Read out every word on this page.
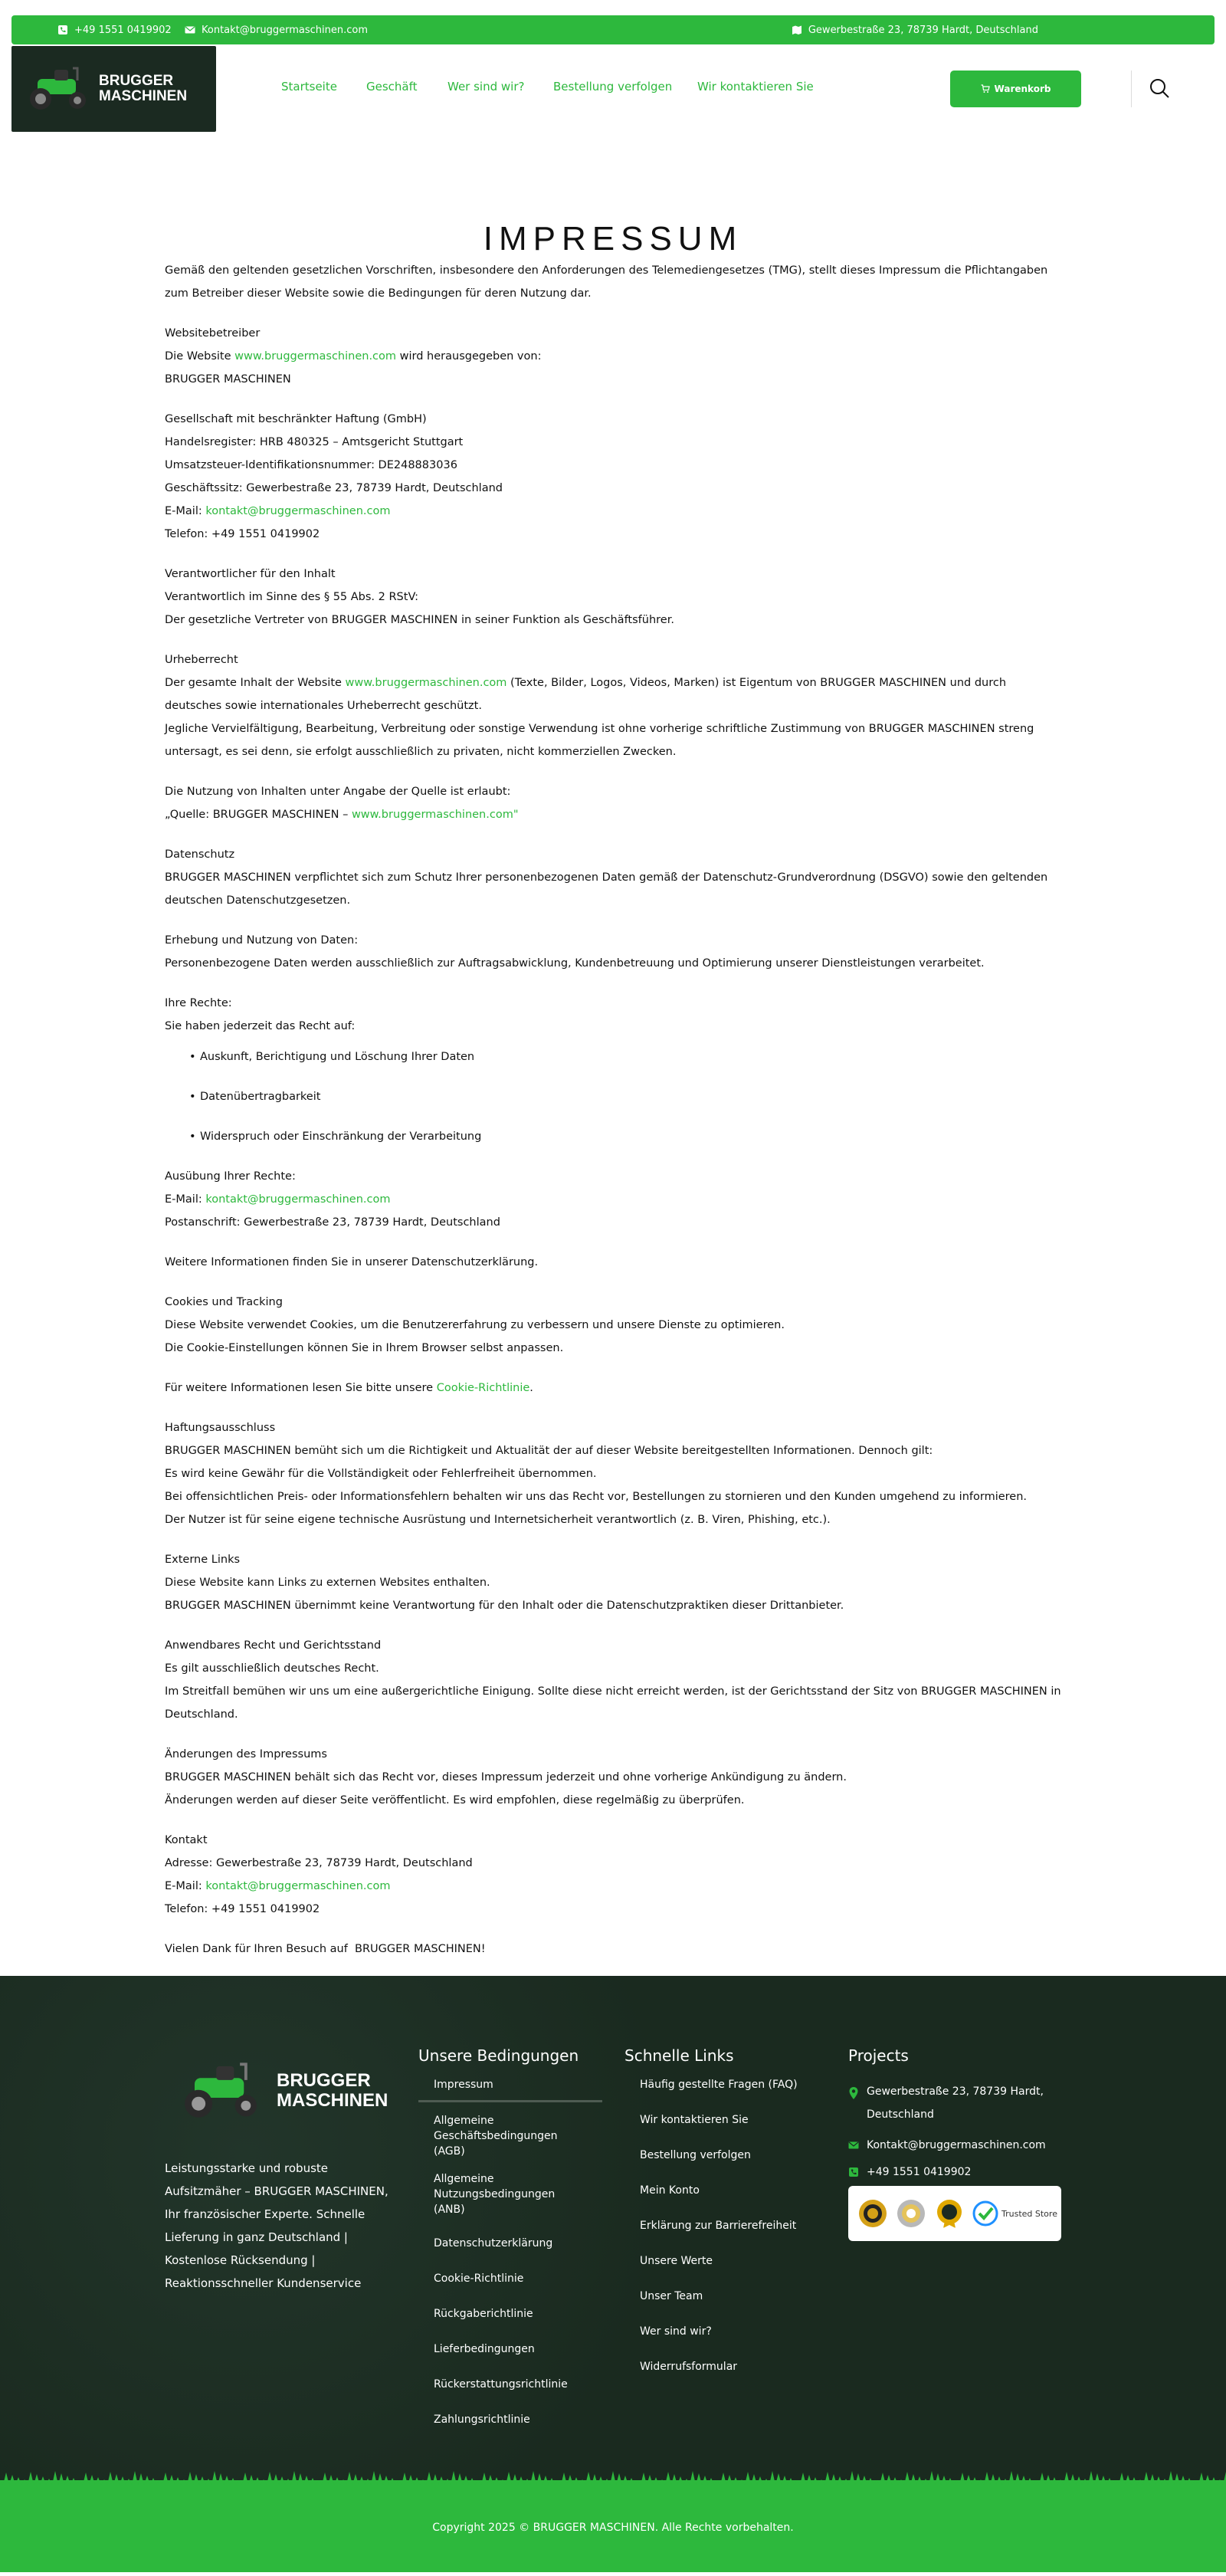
+49 1551 0419902	Kontakt@bruggermaschinen.com	Gewerbestraße 23, 78739 Hardt, Deutschland
BRUGGER
MASCHINEN
Startseite	Geschäft	Wer sind wir?	Bestellung verfolgen Wir kontaktieren Sie	Warenkorb
IMPRESSUM

Gemäß den geltenden gesetzlichen Vorschriften, insbesondere den Anforderungen des Telemediengesetzes (TMG), stellt dieses Impressum die Pflichtangaben

zum Betreiber dieser Website sowie die Bedingungen für deren Nutzung dar.

Websitebetreiber

Die Website www.bruggermaschinen.com wird herausgegeben von:

BRUGGER MASCHINEN

Gesellschaft mit beschränkter Haftung (GmbH)

Handelsregister: HRB 480325 – Amtsgericht Stuttgart

Umsatzsteuer-Identifikationsnummer: DE248883036

Geschäftssitz: Gewerbestraße 23, 78739 Hardt, Deutschland

E-Mail: kontakt@bruggermaschinen.com

Telefon: +49 1551 0419902

Verantwortlicher für den Inhalt

Verantwortlich im Sinne des § 55 Abs. 2 RStV:

Der gesetzliche Vertreter von BRUGGER MASCHINEN in seiner Funktion als Geschäftsführer.

Urheberrecht

Der gesamte Inhalt der Website www.bruggermaschinen.com (Texte, Bilder, Logos, Videos, Marken) ist Eigentum von BRUGGER MASCHINEN und durch

deutsches sowie internationales Urheberrecht geschützt.

Jegliche Vervielfältigung, Bearbeitung, Verbreitung oder sonstige Verwendung ist ohne vorherige schriftliche Zustimmung von BRUGGER MASCHINEN streng

untersagt, es sei denn, sie erfolgt ausschließlich zu privaten, nicht kommerziellen Zwecken.

Die Nutzung von Inhalten unter Angabe der Quelle ist erlaubt:

„Quelle: BRUGGER MASCHINEN – www.bruggermaschinen.com"

Datenschutz

BRUGGER MASCHINEN verpflichtet sich zum Schutz Ihrer personenbezogenen Daten gemäß der Datenschutz-Grundverordnung (DSGVO) sowie den geltenden

deutschen Datenschutzgesetzen.

Erhebung und Nutzung von Daten:

Personenbezogene Daten werden ausschließlich zur Auftragsabwicklung, Kundenbetreuung und Optimierung unserer Dienstleistungen verarbeitet.

Ihre Rechte:

Sie haben jederzeit das Recht auf:

• Auskunft, Berichtigung und Löschung Ihrer Daten
• Datenübertragbarkeit
• Widerspruch oder Einschränkung der Verarbeitung

Ausübung Ihrer Rechte:

E-Mail: kontakt@bruggermaschinen.com

Postanschrift: Gewerbestraße 23, 78739 Hardt, Deutschland

Weitere Informationen finden Sie in unserer Datenschutzerklärung.

Cookies und Tracking

Diese Website verwendet Cookies, um die Benutzererfahrung zu verbessern und unsere Dienste zu optimieren.

Die Cookie-Einstellungen können Sie in Ihrem Browser selbst anpassen.

Für weitere Informationen lesen Sie bitte unsere Cookie-Richtlinie.

Haftungsausschluss

BRUGGER MASCHINEN bemüht sich um die Richtigkeit und Aktualität der auf dieser Website bereitgestellten Informationen. Dennoch gilt:

Es wird keine Gewähr für die Vollständigkeit oder Fehlerfreiheit übernommen.

Bei offensichtlichen Preis- oder Informationsfehlern behalten wir uns das Recht vor, Bestellungen zu stornieren und den Kunden umgehend zu informieren.

Der Nutzer ist für seine eigene technische Ausrüstung und Internetsicherheit verantwortlich (z. B. Viren, Phishing, etc.).

Externe Links

Diese Website kann Links zu externen Websites enthalten.

BRUGGER MASCHINEN übernimmt keine Verantwortung für den Inhalt oder die Datenschutzpraktiken dieser Drittanbieter.

Anwendbares Recht und Gerichtsstand

Es gilt ausschließlich deutsches Recht.

Im Streitfall bemühen wir uns um eine außergerichtliche Einigung. Sollte diese nicht erreicht werden, ist der Gerichtsstand der Sitz von BRUGGER MASCHINEN in

Deutschland.

Änderungen des Impressums

BRUGGER MASCHINEN behält sich das Recht vor, dieses Impressum jederzeit und ohne vorherige Ankündigung zu ändern.

Änderungen werden auf dieser Seite veröffentlicht. Es wird empfohlen, diese regelmäßig zu überprüfen.

Kontakt

Adresse: Gewerbestraße 23, 78739 Hardt, Deutschland

E-Mail: kontakt@bruggermaschinen.com

Telefon: +49 1551 0419902

Vielen Dank für Ihren Besuch auf  BRUGGER MASCHINEN!

BRUGGER
MASCHINEN

Leistungsstarke und robuste Aufsitzmäher – BRUGGER MASCHINEN, Ihr französischer Experte. Schnelle Lieferung in ganz Deutschland | Kostenlose Rücksendung | Reaktionsschneller Kundenservice

Unsere Bedingungen
Impressum
Allgemeine Geschäftsbedingungen (AGB)
Allgemeine Nutzungsbedingungen (ANB)
Datenschutzerklärung
Cookie-Richtlinie
Rückgaberichtlinie
Lieferbedingungen
Rückerstattungsrichtlinie
Zahlungsrichtlinie
Schnelle Links
Häufig gestellte Fragen (FAQ)
Wir kontaktieren Sie
Bestellung verfolgen
Mein Konto
Erklärung zur Barrierefreiheit
Unsere Werte
Unser Team
Wer sind wir?
Widerrufsformular
Projects
Gewerbestraße 23, 78739 Hardt, Deutschland
Kontakt@bruggermaschinen.com
+49 1551 0419902
Trusted Store
Copyright 2025 © BRUGGER MASCHINEN. Alle Rechte vorbehalten.
